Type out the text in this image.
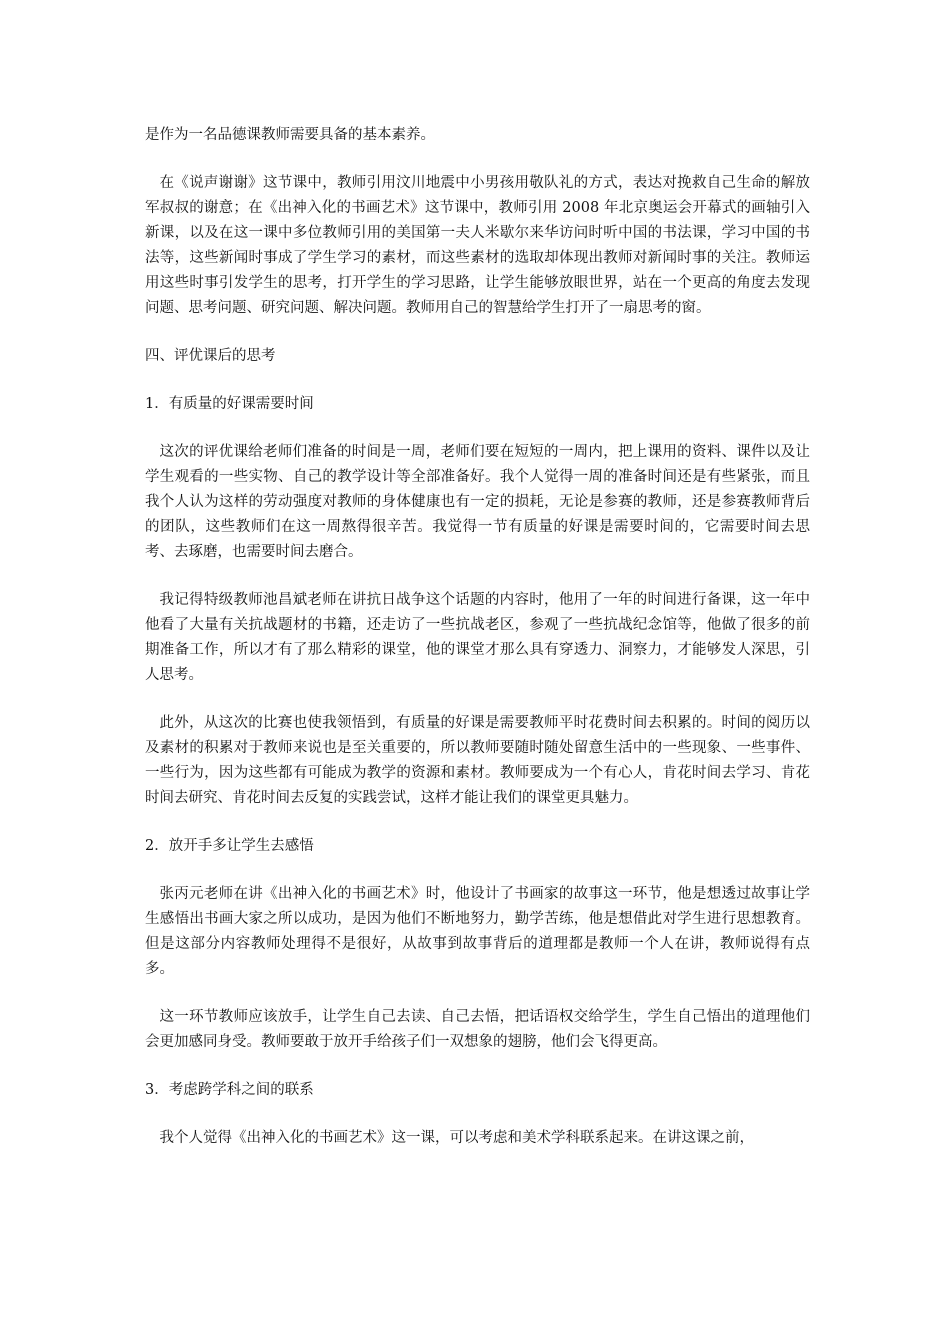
是作为一名品德课教师需要具备的基本素养。

在《说声谢谢》这节课中，教师引用汶川地震中小男孩用敬队礼的方式，表达对挽救自己生命的解放军叔叔的谢意；在《出神入化的书画艺术》这节课中，教师引用 2008 年北京奥运会开幕式的画轴引入新课，以及在这一课中多位教师引用的美国第一夫人米歇尔来华访问时听中国的书法课，学习中国的书法等，这些新闻时事成了学生学习的素材，而这些素材的选取却体现出教师对新闻时事的关注。教师运用这些时事引发学生的思考，打开学生的学习思路，让学生能够放眼世界，站在一个更高的角度去发现问题、思考问题、研究问题、解决问题。教师用自己的智慧给学生打开了一扇思考的窗。

四、评优课后的思考

1．有质量的好课需要时间

这次的评优课给老师们准备的时间是一周，老师们要在短短的一周内，把上课用的资料、课件以及让学生观看的一些实物、自己的教学设计等全部准备好。我个人觉得一周的准备时间还是有些紧张，而且我个人认为这样的劳动强度对教师的身体健康也有一定的损耗，无论是参赛的教师，还是参赛教师背后的团队，这些教师们在这一周熬得很辛苦。我觉得一节有质量的好课是需要时间的，它需要时间去思考、去琢磨，也需要时间去磨合。

我记得特级教师池昌斌老师在讲抗日战争这个话题的内容时，他用了一年的时间进行备课，这一年中他看了大量有关抗战题材的书籍，还走访了一些抗战老区，参观了一些抗战纪念馆等，他做了很多的前期准备工作，所以才有了那么精彩的课堂，他的课堂才那么具有穿透力、洞察力，才能够发人深思，引人思考。

此外，从这次的比赛也使我领悟到，有质量的好课是需要教师平时花费时间去积累的。时间的阅历以及素材的积累对于教师来说也是至关重要的，所以教师要随时随处留意生活中的一些现象、一些事件、一些行为，因为这些都有可能成为教学的资源和素材。教师要成为一个有心人，肯花时间去学习、肯花时间去研究、肯花时间去反复的实践尝试，这样才能让我们的课堂更具魅力。

2．放开手多让学生去感悟

张丙元老师在讲《出神入化的书画艺术》时，他设计了书画家的故事这一环节，他是想透过故事让学生感悟出书画大家之所以成功，是因为他们不断地努力，勤学苦练，他是想借此对学生进行思想教育。但是这部分内容教师处理得不是很好，从故事到故事背后的道理都是教师一个人在讲，教师说得有点多。

这一环节教师应该放手，让学生自己去读、自己去悟，把话语权交给学生，学生自己悟出的道理他们会更加感同身受。教师要敢于放开手给孩子们一双想象的翅膀，他们会飞得更高。

3．考虑跨学科之间的联系

我个人觉得《出神入化的书画艺术》这一课，可以考虑和美术学科联系起来。在讲这课之前，
